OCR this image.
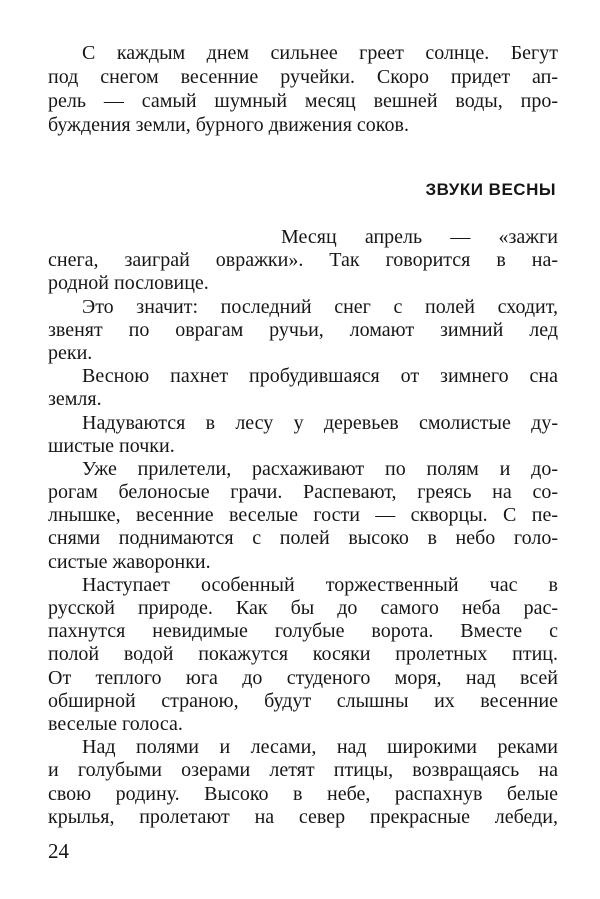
С каждым днем сильнее греет солнце. Бегут
под снегом весенние ручейки. Скоро придет ап-
рель — самый шумный месяц вешней воды, про-
буждения земли, бурного движения соков.
ЗВУКИ ВЕСНЫ
Месяц апрель — «зажги
снега, заиграй овражки». Так говорится в на-
родной пословице.
Это значит: последний снег с полей сходит,
звенят по оврагам ручьи, ломают зимний лед
реки.
Весною пахнет пробудившаяся от зимнего сна
земля.
Надуваются в лесу у деревьев смолистые ду-
шистые почки.
Уже прилетели, расхаживают по полям и до-
рогам белоносые грачи. Распевают, греясь на со-
лнышке, весенние веселые гости — скворцы. С пе-
снями поднимаются с полей высоко в небо голо-
систые жаворонки.
Наступает особенный торжественный час в
русской природе. Как бы до самого неба рас-
пахнутся невидимые голубые ворота. Вместе с
полой водой покажутся косяки пролетных птиц.
От теплого юга до студеного моря, над всей
обширной страною, будут слышны их весенние
веселые голоса.
Над полями и лесами, над широкими реками
и голубыми озерами летят птицы, возвращаясь на
свою родину. Высоко в небе, распахнув белые
крылья, пролетают на север прекрасные лебеди,
24
